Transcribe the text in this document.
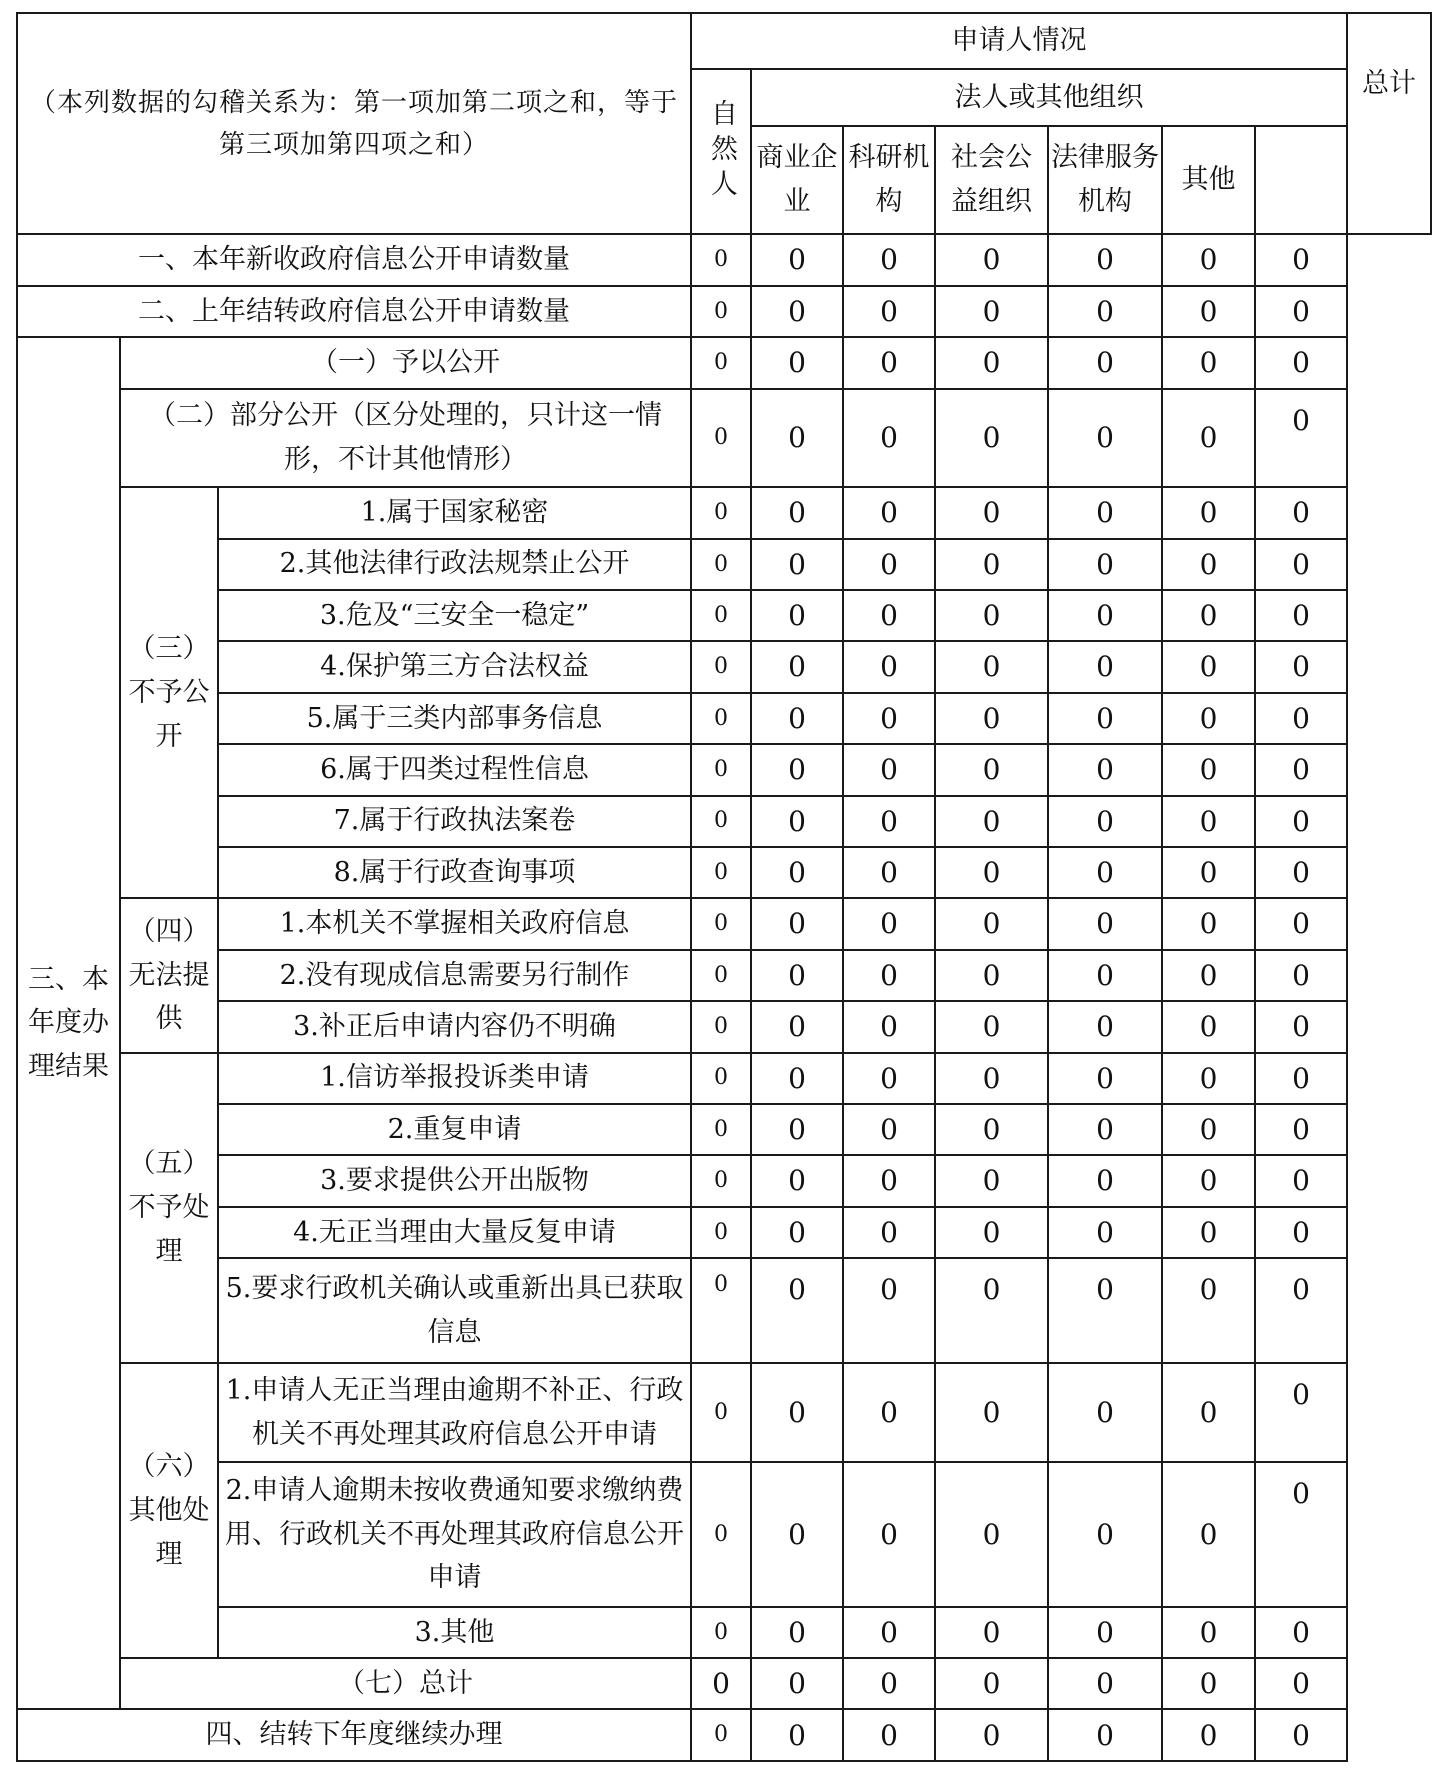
（本列数据的勾稽关系为：第一项加第二项之和，等于第三项加第四项之和）			申请人情况							总计
			自然人	法人或其他组织						
				商业企业	科研机构	社会公益组织	法律服务机构	其他		

一、本年新收政府信息公开申请数量			0	0	0	0	0	0	0	
二、上年结转政府信息公开申请数量			0	0	0	0	0	0	0	
三、本年度办理结果	（一）予以公开		0	0	0	0	0	0	0	
	（二）部分公开（区分处理的，只计这一情形，不计其他情形）		0	0	0	0	0	0	0	
	（三）不予公开	1.属于国家秘密	0	0	0	0	0	0	0	
		2.其他法律行政法规禁止公开	0	0	0	0	0	0	0	
		3.危及“三安全一稳定”	0	0	0	0	0	0	0	
		4.保护第三方合法权益	0	0	0	0	0	0	0	
		5.属于三类内部事务信息	0	0	0	0	0	0	0	
		6.属于四类过程性信息	0	0	0	0	0	0	0	
		7.属于行政执法案卷	0	0	0	0	0	0	0	
		8.属于行政查询事项	0	0	0	0	0	0	0	
	（四）无法提供	1.本机关不掌握相关政府信息	0	0	0	0	0	0	0	
		2.没有现成信息需要另行制作	0	0	0	0	0	0	0	
		3.补正后申请内容仍不明确	0	0	0	0	0	0	0	
	（五）不予处理	1.信访举报投诉类申请	0	0	0	0	0	0	0	
		2.重复申请	0	0	0	0	0	0	0	
		3.要求提供公开出版物	0	0	0	0	0	0	0	
		4.无正当理由大量反复申请	0	0	0	0	0	0	0	
		5.要求行政机关确认或重新出具已获取信息	0	0	0	0	0	0	0	
	（六）其他处理	1.申请人无正当理由逾期不补正、行政机关不再处理其政府信息公开申请	0	0	0	0	0	0	0	
		2.申请人逾期未按收费通知要求缴纳费用、行政机关不再处理其政府信息公开申请	0	0	0	0	0	0	0	
		3.其他	0	0	0	0	0	0	0	
	（七）总计		0	0	0	0	0	0	0	
四、结转下年度继续办理			0	0	0	0	0	0	0	
